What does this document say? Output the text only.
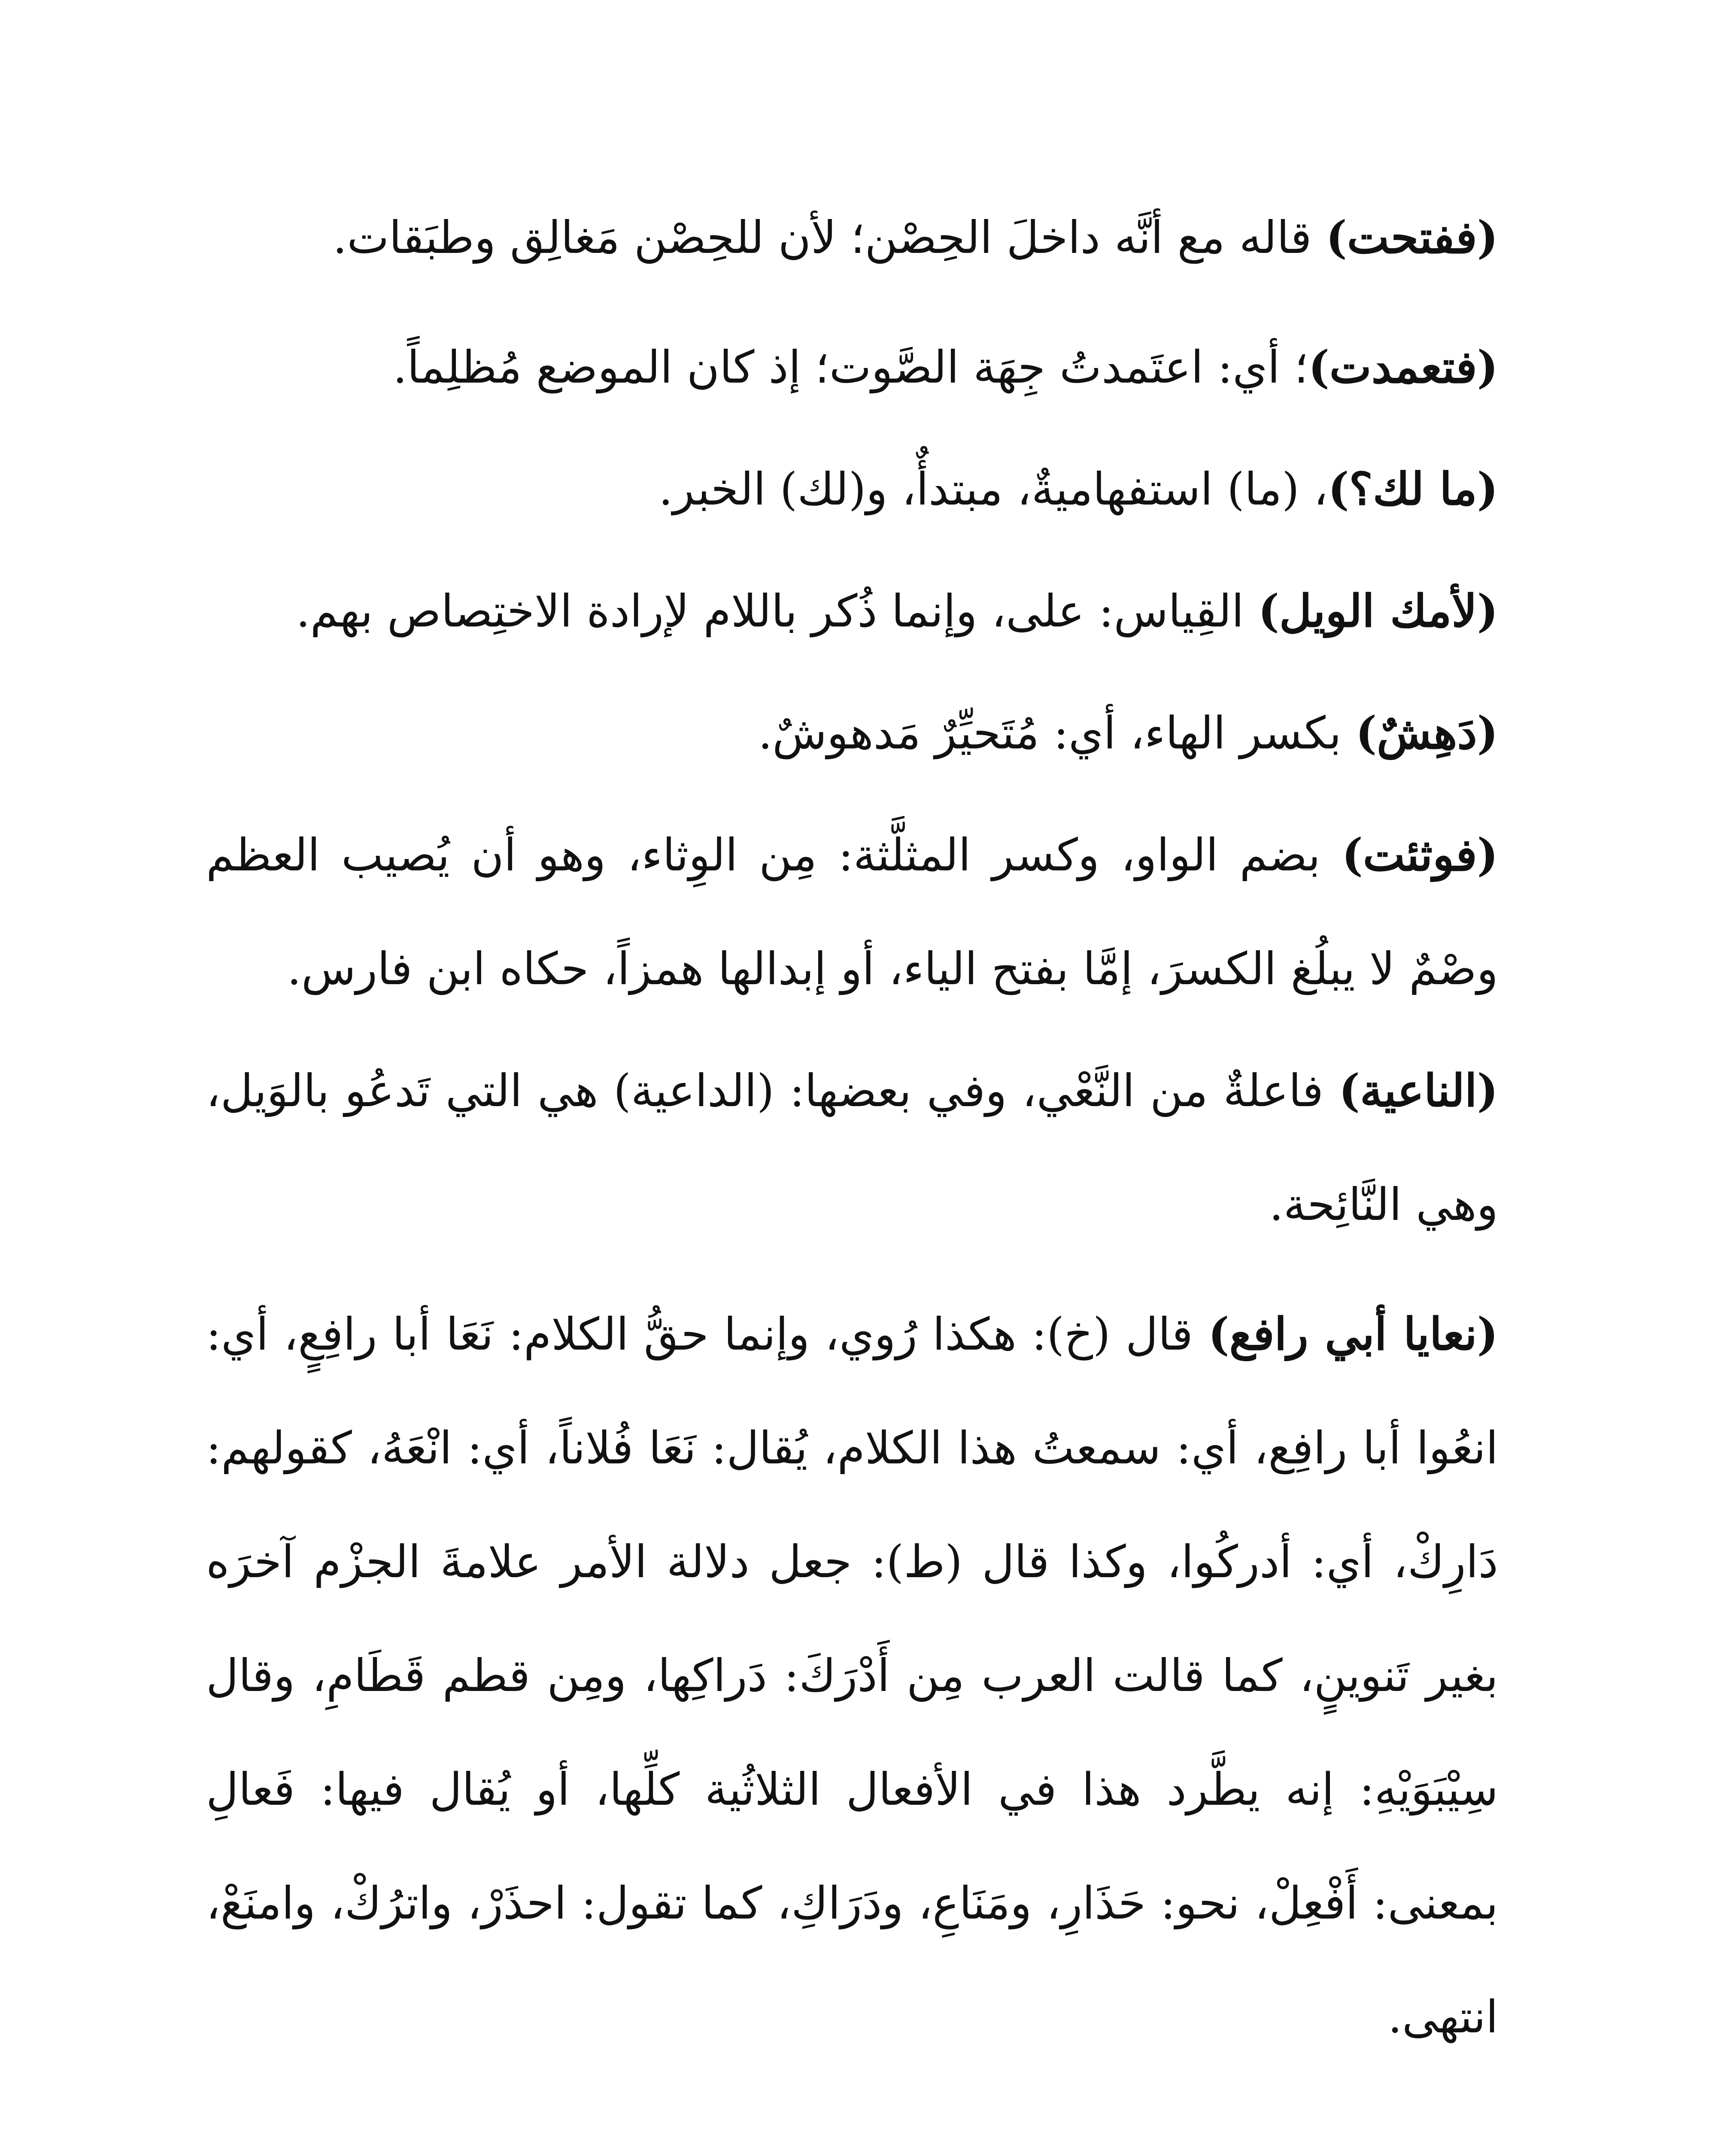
(ففتحت) قاله مع أنَّه داخلَ الحِصْن؛ لأن للحِصْن مَغالِق وطبَقات.

(فتعمدت)؛ أي: اعتَمدتُ جِهَة الصَّوت؛ إذ كان الموضع مُظلِماً.

(ما لك؟)، (ما) استفهاميةٌ، مبتدأٌ، و(لك) الخبر.

(لأمك الويل) القِياس: على، وإنما ذُكر باللام لإرادة الاختِصاص بهم.

(دَهِشٌ) بكسر الهاء، أي: مُتَحيِّرٌ مَدهوشٌ.

(فوثئت) بضم الواو، وكسر المثلَّثة: مِن الوِثاء، وهو أن يُصيب العظم وصْمٌ لا يبلُغ الكسرَ، إمَّا بفتح الياء، أو إبدالها همزاً، حكاه ابن فارس.

(الناعية) فاعلةٌ من النَّعْي، وفي بعضها: (الداعية) هي التي تَدعُو بالوَيل، وهي النَّائِحة.

(نعايا أبي رافع) قال (خ): هكذا رُوي، وإنما حقُّ الكلام: نَعَا أبا رافِعٍ، أي: انعُوا أبا رافِع، أي: سمعتُ هذا الكلام، يُقال: نَعَا فُلاناً، أي: انْعَهُ، كقولهم: دَارِكْ، أي: أدركُوا، وكذا قال (ط): جعل دلالة الأمر علامةَ الجزْم آخرَه بغير تَنوينٍ، كما قالت العرب مِن أَدْرَكَ: دَراكِها، ومِن قطم قَطَامِ، وقال سِيْبَوَيْهِ: إنه يطَّرد هذا في الأفعال الثلاثُية كلِّها، أو يُقال فيها: فَعالِ بمعنى: أَفْعِلْ، نحو: حَذَارِ، ومَنَاعِ، ودَرَاكِ، كما تقول: احذَرْ، واترُكْ، وامنَعْ، انتهى.
